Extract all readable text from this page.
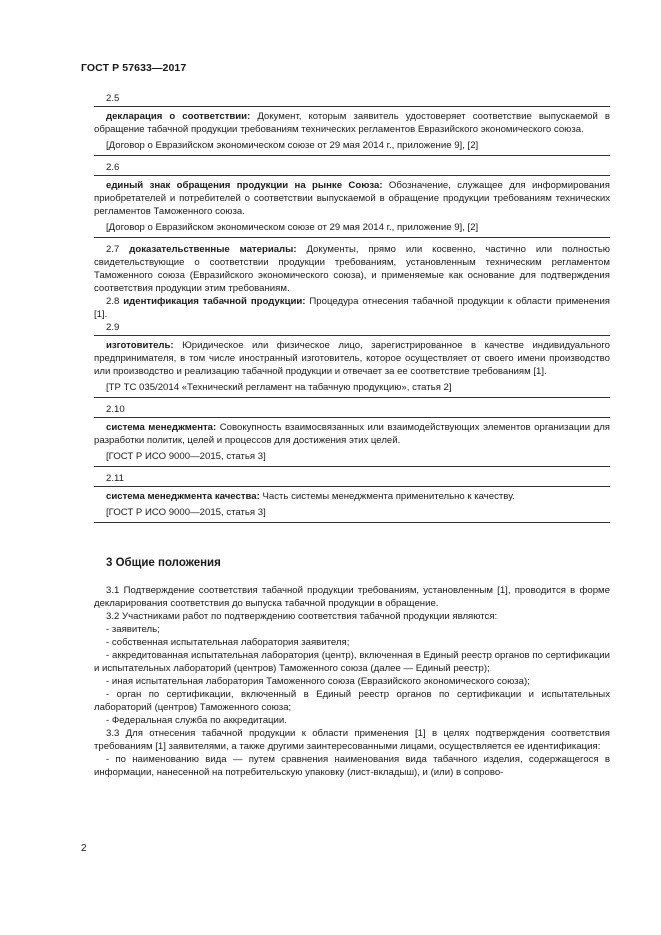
ГОСТ Р 57633—2017
2.5

декларация о соответствии: Документ, которым заявитель удостоверяет соответствие выпускаемой в обращение табачной продукции требованиям технических регламентов Евразийского экономического союза.

[Договор о Евразийском экономическом союзе от 29 мая 2014 г., приложение 9], [2]

2.6

единый знак обращения продукции на рынке Союза: Обозначение, служащее для информирования приобретателей и потребителей о соответствии выпускаемой в обращение продукции требованиям технических регламентов Таможенного союза.

[Договор о Евразийском экономическом союзе от 29 мая 2014 г., приложение 9], [2]

2.7 доказательственные материалы: Документы, прямо или косвенно, частично или полностью свидетельствующие о соответствии продукции требованиям, установленным техническим регламентом Таможенного союза (Евразийского экономического союза), и применяемые как основание для подтверждения соответствия продукции этим требованиям.

2.8 идентификация табачной продукции: Процедура отнесения табачной продукции к области применения [1].

2.9

изготовитель: Юридическое или физическое лицо, зарегистрированное в качестве индивидуального предпринимателя, в том числе иностранный изготовитель, которое осуществляет от своего имени производство или производство и реализацию табачной продукции и отвечает за ее соответствие требованиям [1].

[ТР ТС 035/2014 «Технический регламент на табачную продукцию», статья 2]

2.10

система менеджмента: Совокупность взаимосвязанных или взаимодействующих элементов организации для разработки политик, целей и процессов для достижения этих целей.

[ГОСТ Р ИСО 9000—2015, статья 3]

2.11

система менеджмента качества: Часть системы менеджмента применительно к качеству.

[ГОСТ Р ИСО 9000—2015, статья 3]

3 Общие положения

3.1 Подтверждение соответствия табачной продукции требованиям, установленным [1], проводится в форме декларирования соответствия до выпуска табачной продукции в обращение.

3.2 Участниками работ по подтверждению соответствия табачной продукции являются:

- заявитель;

- собственная испытательная лаборатория заявителя;

- аккредитованная испытательная лаборатория (центр), включенная в Единый реестр органов по сертификации и испытательных лабораторий (центров) Таможенного союза (далее — Единый реестр);

- иная испытательная лаборатория Таможенного союза (Евразийского экономического союза);

- орган по сертификации, включенный в Единый реестр органов по сертификации и испытательных лабораторий (центров) Таможенного союза;

- Федеральная служба по аккредитации.

3.3 Для отнесения табачной продукции к области применения [1] в целях подтверждения соответствия требованиям [1] заявителями, а также другими заинтересованными лицами, осуществляется ее идентификация:

- по наименованию вида — путем сравнения наименования вида табачного изделия, содержащегося в информации, нанесенной на потребительскую упаковку (лист-вкладыш), и (или) в сопрово-

2
